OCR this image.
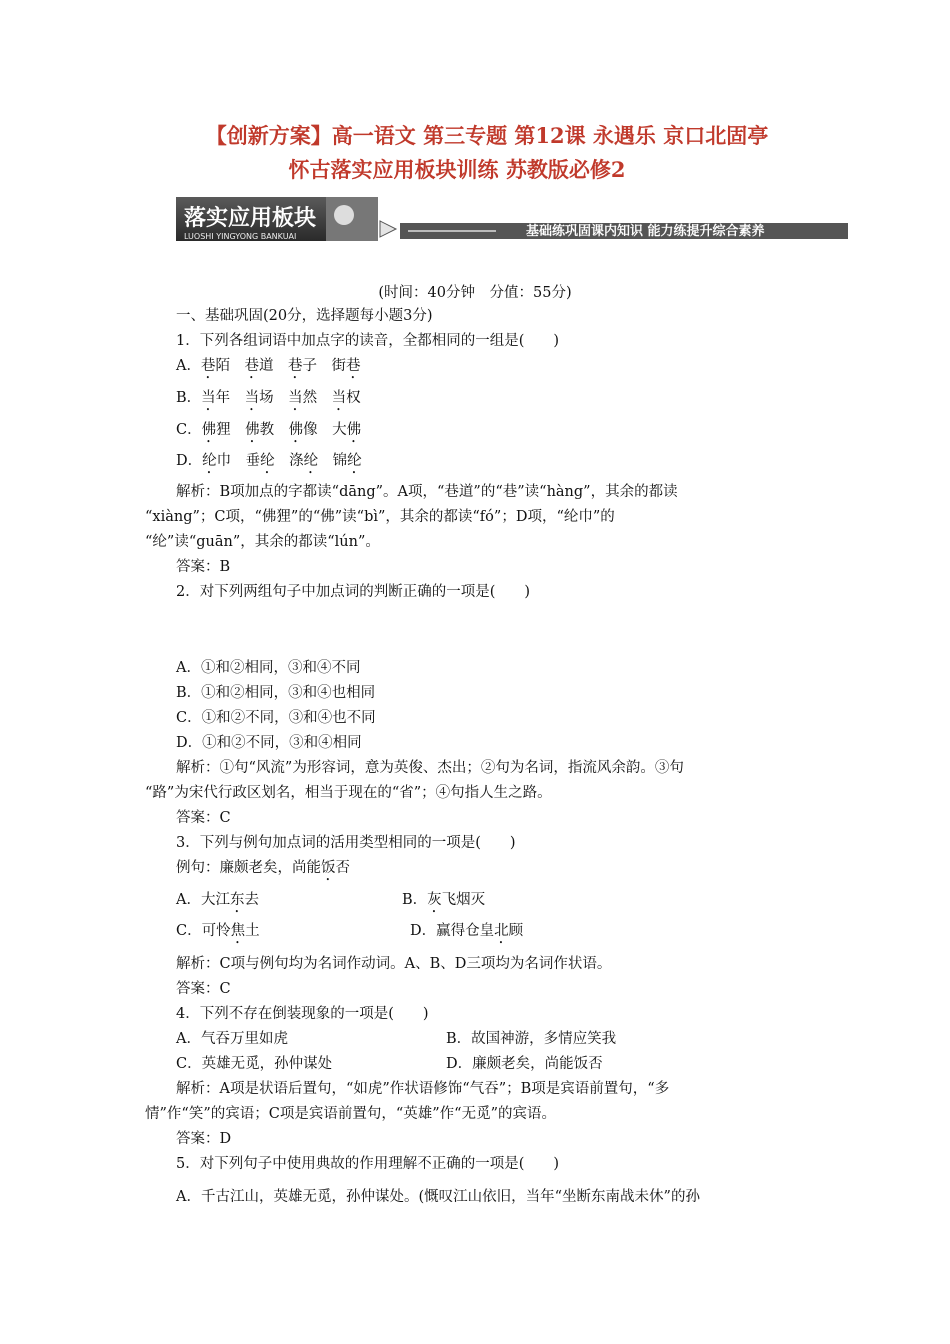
【创新方案】高一语文 第三专题 第12课 永遇乐 京口北固亭
怀古落实应用板块训练 苏教版必修2
落实应用板块
LUOSHI YINGYONG BANKUAI	基础练巩固课内知识 能力练提升综合素养
(时间：40分钟　分值：55分)
一、基础巩固(20分，选择题每小题3分)
1．下列各组词语中加点字的读音，全都相同的一组是(　　)
A．巷陌　巷道　巷子　街巷
B．当年　当场　当然　当权
C．佛狸　佛教　佛像　大佛
D．纶巾　垂纶　涤纶　锦纶
解析：B项加点的字都读“dāng”。A项，“巷道”的“巷”读“hàng”，其余的都读
“xiàng”；C项，“佛狸”的“佛”读“bì”，其余的都读“fó”；D项，“纶巾”的
“纶”读“guān”，其余的都读“lún”。
答案：B
2．对下列两组句子中加点词的判断正确的一项是(　　)
A．①和②相同，③和④不同
B．①和②相同，③和④也相同
C．①和②不同，③和④也不同
D．①和②不同，③和④相同
解析：①句“风流”为形容词，意为英俊、杰出；②句为名词，指流风余韵。③句
“路”为宋代行政区划名，相当于现在的“省”；④句指人生之路。
答案：C
3．下列与例句加点词的活用类型相同的一项是(　　)
例句：廉颇老矣，尚能饭否
A．大江东去	B．灰飞烟灭
C．可怜焦土	D．赢得仓皇北顾
解析：C项与例句均为名词作动词。A、B、D三项均为名词作状语。
答案：C
4．下列不存在倒装现象的一项是(　　)
A．气吞万里如虎	B．故国神游，多情应笑我
C．英雄无觅，孙仲谋处	D．廉颇老矣，尚能饭否
解析：A项是状语后置句，“如虎”作状语修饰“气吞”；B项是宾语前置句，“多
情”作“笑”的宾语；C项是宾语前置句，“英雄”作“无觅”的宾语。
答案：D
5．对下列句子中使用典故的作用理解不正确的一项是(　　)
A．千古江山，英雄无觅，孙仲谋处。(慨叹江山依旧，当年“坐断东南战未休”的孙
